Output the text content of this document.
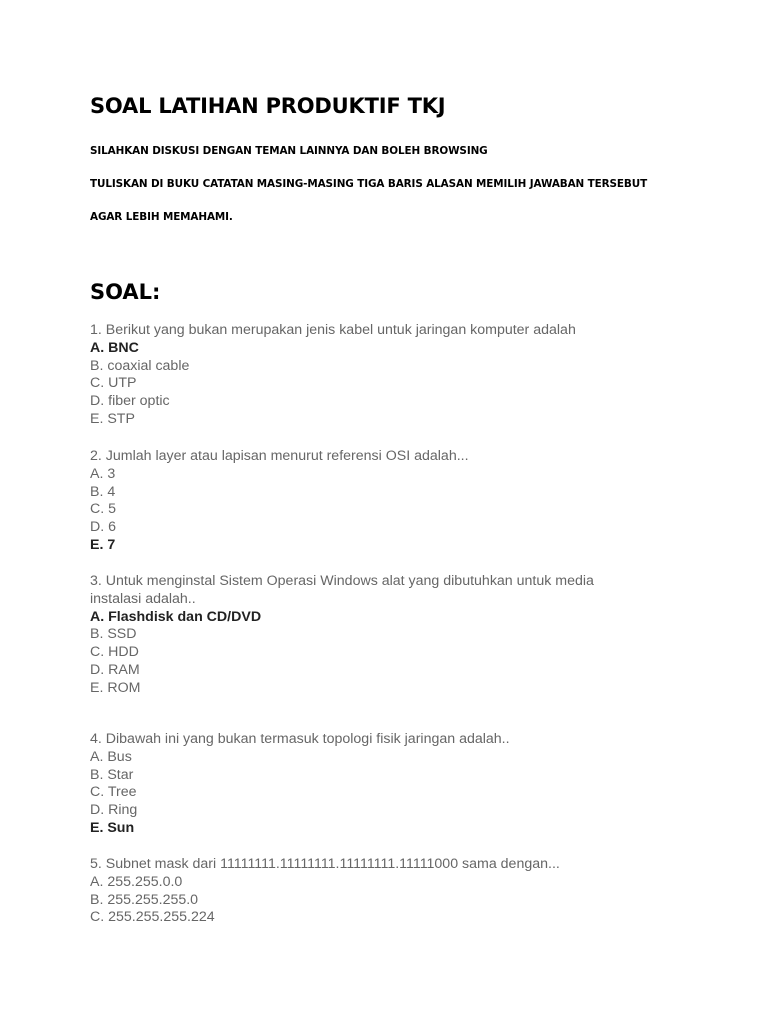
SOAL LATIHAN PRODUKTIF TKJ
SILAHKAN DISKUSI DENGAN TEMAN LAINNYA DAN BOLEH BROWSING
TULISKAN DI BUKU CATATAN MASING-MASING TIGA BARIS ALASAN MEMILIH JAWABAN TERSEBUT
AGAR LEBIH MEMAHAMI.
SOAL:
1. Berikut yang bukan merupakan jenis kabel untuk jaringan komputer adalah
A. BNC
B. coaxial cable
C. UTP
D. fiber optic
E. STP
2. Jumlah layer atau lapisan menurut referensi OSI adalah...
A. 3
B. 4
C. 5
D. 6
E. 7
3. Untuk menginstal Sistem Operasi Windows alat yang dibutuhkan untuk media
instalasi adalah..
A. Flashdisk dan CD/DVD
B. SSD
C. HDD
D. RAM
E. ROM
4. Dibawah ini yang bukan termasuk topologi fisik jaringan adalah..
A. Bus
B. Star
C. Tree
D. Ring
E. Sun
5. Subnet mask dari 11111111.11111111.11111111.11111000 sama dengan...
A. 255.255.0.0
B. 255.255.255.0
C. 255.255.255.224
